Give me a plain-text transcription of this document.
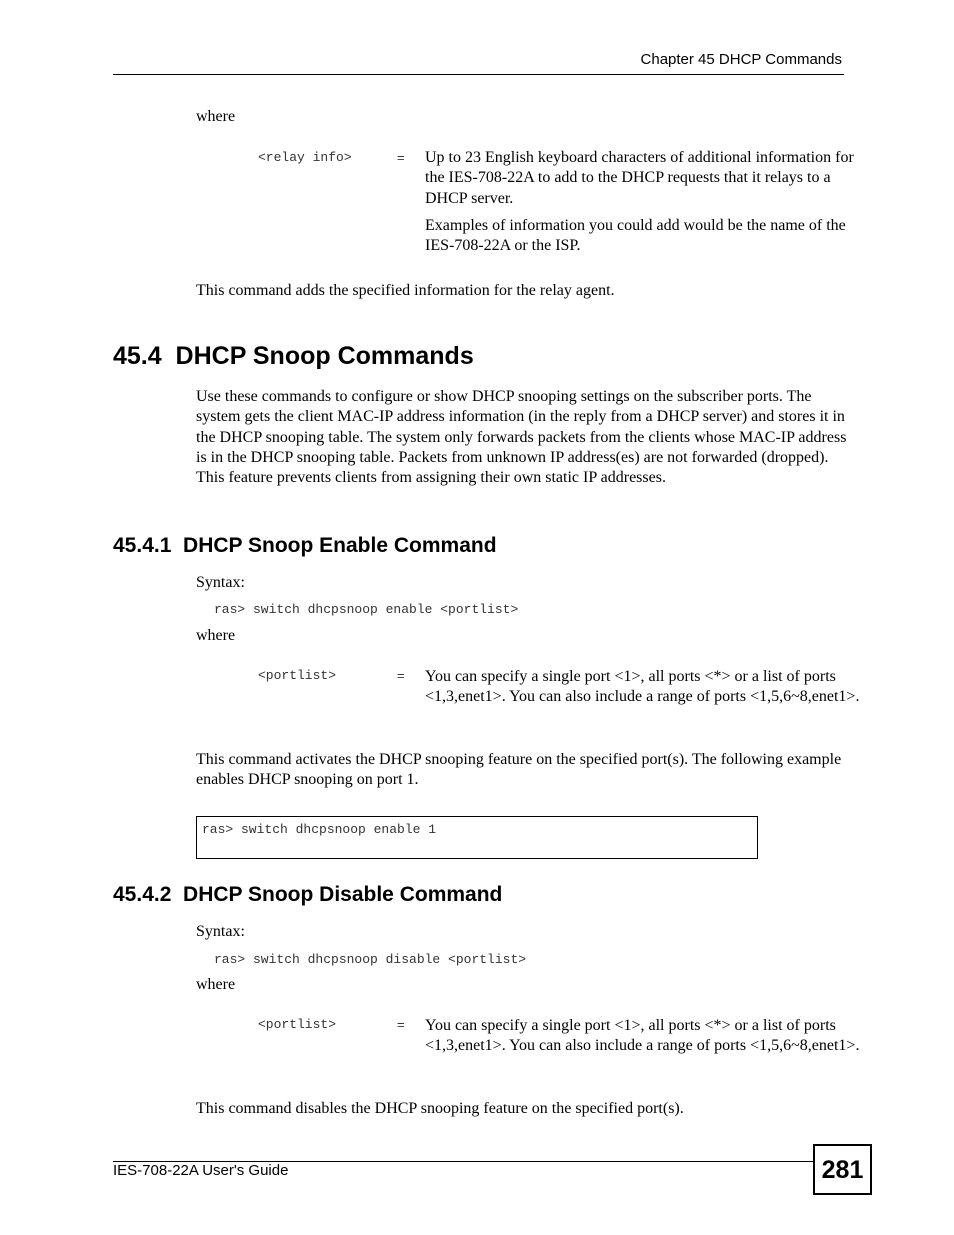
Chapter 45 DHCP Commands
where
<relay info>	= Up to 23 English keyboard characters of additional information for the IES-708-22A to add to the DHCP requests that it relays to a DHCP server.

Examples of information you could add would be the name of the IES-708-22A or the ISP.

This command adds the specified information for the relay agent.
45.4  DHCP Snoop Commands
Use these commands to configure or show DHCP snooping settings on the subscriber ports. The system gets the client MAC-IP address information (in the reply from a DHCP server) and stores it in the DHCP snooping table. The system only forwards packets from the clients whose MAC-IP address is in the DHCP snooping table. Packets from unknown IP address(es) are not forwarded (dropped). This feature prevents clients from assigning their own static IP addresses.
45.4.1  DHCP Snoop Enable Command
Syntax:
ras> switch dhcpsnoop enable <portlist>
where
<portlist>	= You can specify a single port <1>, all ports <*> or a list of ports <1,3,enet1>. You can also include a range of ports <1,5,6~8,enet1>.
This command activates the DHCP snooping feature on the specified port(s). The following example enables DHCP snooping on port 1.
ras> switch dhcpsnoop enable 1
45.4.2  DHCP Snoop Disable Command
Syntax:
ras> switch dhcpsnoop disable <portlist>
where
<portlist>	= You can specify a single port <1>, all ports <*> or a list of ports <1,3,enet1>. You can also include a range of ports <1,5,6~8,enet1>.
This command disables the DHCP snooping feature on the specified port(s).
IES-708-22A User's Guide	281
